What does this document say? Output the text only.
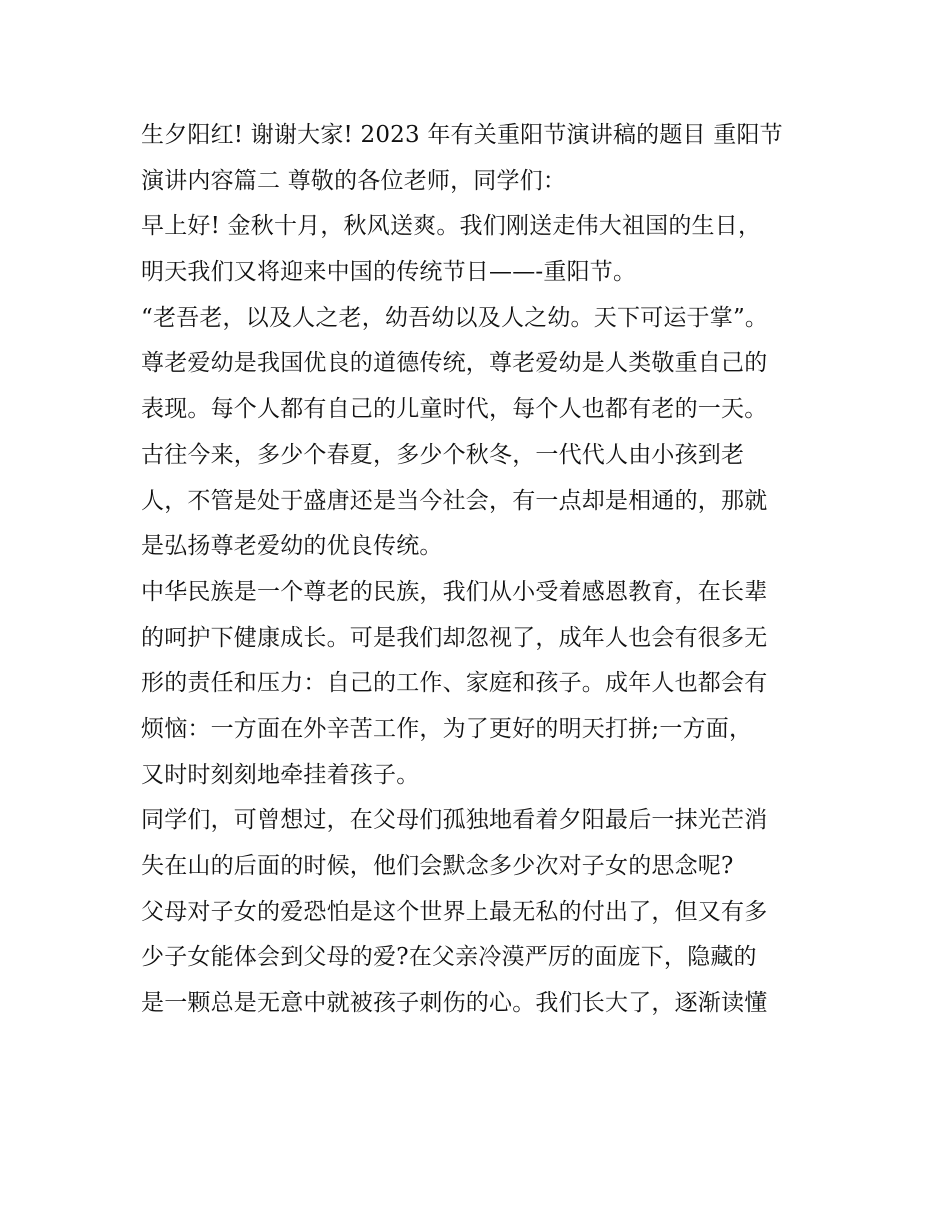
生夕阳红! 谢谢大家! 2023 年有关重阳节演讲稿的题目 重阳节
演讲内容篇二 尊敬的各位老师，同学们：
早上好! 金秋十月，秋风送爽。我们刚送走伟大祖国的生日，
明天我们又将迎来中国的传统节日——-重阳节。
“老吾老，以及人之老，幼吾幼以及人之幼。天下可运于掌”。
尊老爱幼是我国优良的道德传统，尊老爱幼是人类敬重自己的
表现。每个人都有自己的儿童时代，每个人也都有老的一天。
古往今来，多少个春夏，多少个秋冬，一代代人由小孩到老
人，不管是处于盛唐还是当今社会，有一点却是相通的，那就
是弘扬尊老爱幼的优良传统。
中华民族是一个尊老的民族，我们从小受着感恩教育，在长辈
的呵护下健康成长。可是我们却忽视了，成年人也会有很多无
形的责任和压力：自己的工作、家庭和孩子。成年人也都会有
烦恼：一方面在外辛苦工作，为了更好的明天打拼;一方面，
又时时刻刻地牵挂着孩子。
同学们，可曾想过，在父母们孤独地看着夕阳最后一抹光芒消
失在山的后面的时候，他们会默念多少次对子女的思念呢?
父母对子女的爱恐怕是这个世界上最无私的付出了，但又有多
少子女能体会到父母的爱?在父亲冷漠严厉的面庞下，隐藏的
是一颗总是无意中就被孩子刺伤的心。我们长大了，逐渐读懂
